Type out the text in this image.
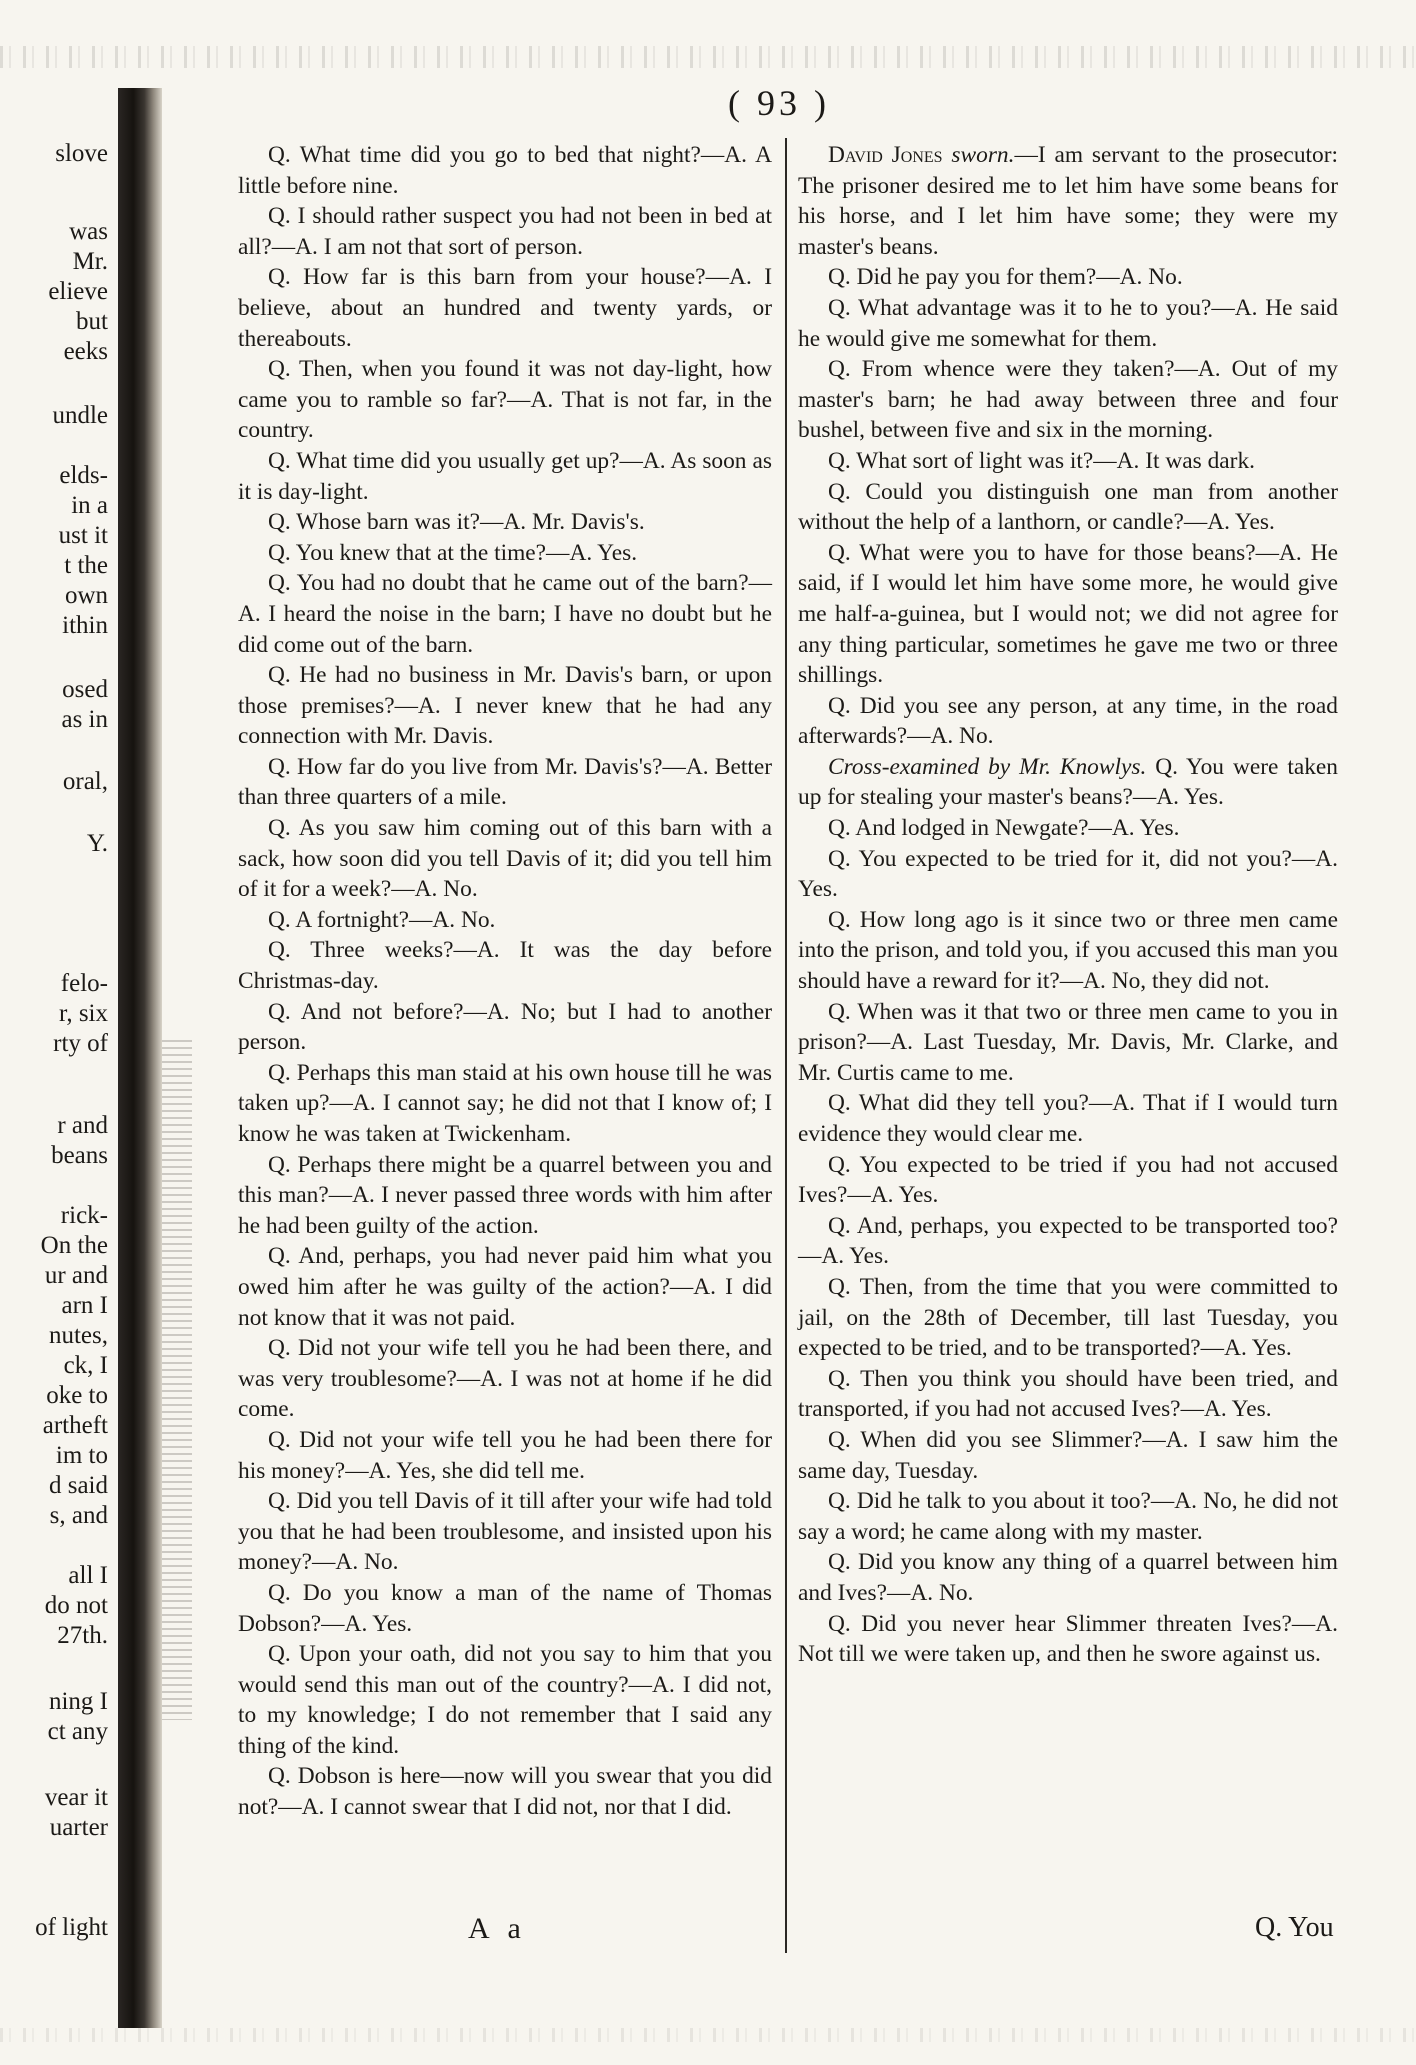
( 93 )
slove
was
Mr.
elieve
but
eeks
undle
elds-
in a
ust it
t the
own
ithin
osed
as in
oral,
Y.
felo-
r, six
rty of
r and
beans
rick-
On the
ur and
arn I
nutes,
ck, I
oke to
artheft
im to
d said
s, and
all I
do not
27th.
ning I
ct any
vear it
uarter
of light

Q. What time did you go to bed that night?—A. A little before nine.

Q. I should rather suspect you had not been in bed at all?—A. I am not that sort of person.

Q. How far is this barn from your house?—A. I believe, about an hundred and twenty yards, or thereabouts.

Q. Then, when you found it was not day-light, how came you to ramble so far?—A. That is not far, in the country.

Q. What time did you usually get up?—A. As soon as it is day-light.

Q. Whose barn was it?—A. Mr. Davis's.

Q. You knew that at the time?—A. Yes.

Q. You had no doubt that he came out of the barn?—A. I heard the noise in the barn; I have no doubt but he did come out of the barn.

Q. He had no business in Mr. Davis's barn, or upon those premises?—A. I never knew that he had any connection with Mr. Davis.

Q. How far do you live from Mr. Davis's?—A. Better than three quarters of a mile.

Q. As you saw him coming out of this barn with a sack, how soon did you tell Davis of it; did you tell him of it for a week?—A. No.

Q. A fortnight?—A. No.

Q. Three weeks?—A. It was the day before Christmas-day.

Q. And not before?—A. No; but I had to another person.

Q. Perhaps this man staid at his own house till he was taken up?—A. I cannot say; he did not that I know of; I know he was taken at Twickenham.

Q. Perhaps there might be a quarrel between you and this man?—A. I never passed three words with him after he had been guilty of the action.

Q. And, perhaps, you had never paid him what you owed him after he was guilty of the action?—A. I did not know that it was not paid.

Q. Did not your wife tell you he had been there, and was very troublesome?—A. I was not at home if he did come.

Q. Did not your wife tell you he had been there for his money?—A. Yes, she did tell me.

Q. Did you tell Davis of it till after your wife had told you that he had been troublesome, and insisted upon his money?—A. No.

Q. Do you know a man of the name of Thomas Dobson?—A. Yes.

Q. Upon your oath, did not you say to him that you would send this man out of the country?—A. I did not, to my knowledge; I do not remember that I said any thing of the kind.

Q. Dobson is here—now will you swear that you did not?—A. I cannot swear that I did not, nor that I did.

David Jones sworn.—I am servant to the prosecutor: The prisoner desired me to let him have some beans for his horse, and I let him have some; they were my master's beans.

Q. Did he pay you for them?—A. No.

Q. What advantage was it to he to you?—A. He said he would give me somewhat for them.

Q. From whence were they taken?—A. Out of my master's barn; he had away between three and four bushel, between five and six in the morning.

Q. What sort of light was it?—A. It was dark.

Q. Could you distinguish one man from another without the help of a lanthorn, or candle?—A. Yes.

Q. What were you to have for those beans?—A. He said, if I would let him have some more, he would give me half-a-guinea, but I would not; we did not agree for any thing particular, sometimes he gave me two or three shillings.

Q. Did you see any person, at any time, in the road afterwards?—A. No.

Cross-examined by Mr. Knowlys. Q. You were taken up for stealing your master's beans?—A. Yes.

Q. And lodged in Newgate?—A. Yes.

Q. You expected to be tried for it, did not you?—A. Yes.

Q. How long ago is it since two or three men came into the prison, and told you, if you accused this man you should have a reward for it?—A. No, they did not.

Q. When was it that two or three men came to you in prison?—A. Last Tuesday, Mr. Davis, Mr. Clarke, and Mr. Curtis came to me.

Q. What did they tell you?—A. That if I would turn evidence they would clear me.

Q. You expected to be tried if you had not accused Ives?—A. Yes.

Q. And, perhaps, you expected to be transported too?—A. Yes.

Q. Then, from the time that you were committed to jail, on the 28th of December, till last Tuesday, you expected to be tried, and to be transported?—A. Yes.

Q. Then you think you should have been tried, and transported, if you had not accused Ives?—A. Yes.

Q. When did you see Slimmer?—A. I saw him the same day, Tuesday.

Q. Did he talk to you about it too?—A. No, he did not say a word; he came along with my master.

Q. Did you know any thing of a quarrel between him and Ives?—A. No.

Q. Did you never hear Slimmer threaten Ives?—A. Not till we were taken up, and then he swore against us.

A a	Q. You
